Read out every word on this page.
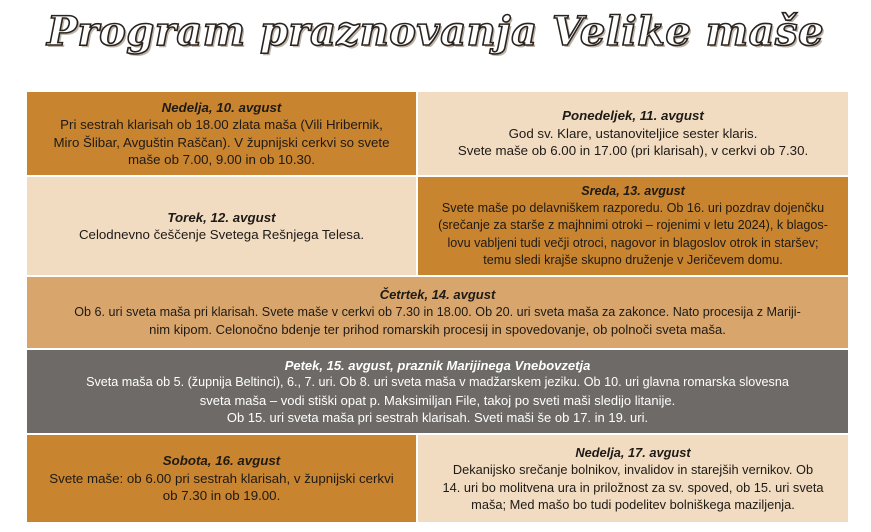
Program praznovanja Velike maše
Nedelja, 10. avgust
Pri sestrah klarisah ob 18.00 zlata maša (Vili Hribernik,
Miro Šlibar, Avguštin Raščan). V župnijski cerkvi so svete
maše ob 7.00, 9.00 in ob 10.30.
Ponedeljek, 11. avgust
God sv. Klare, ustanoviteljice sester klaris.
Svete maše ob 6.00 in 17.00 (pri klarisah), v cerkvi ob 7.30.
Torek, 12. avgust
Celodnevno češčenje Svetega Rešnjega Telesa.
Sreda, 13. avgust
Svete maše po delavniškem razporedu. Ob 16. uri pozdrav dojenčku
(srečanje za starše z majhnimi otroki – rojenimi v letu 2024), k blagos-
lovu vabljeni tudi večji otroci, nagovor in blagoslov otrok in staršev;
temu sledi krajše skupno druženje v Jeričevem domu.
Četrtek, 14. avgust
Ob 6. uri sveta maša pri klarisah. Svete maše v cerkvi ob 7.30 in 18.00. Ob 20. uri sveta maša za zakonce. Nato procesija z Mariji-
nim kipom. Celonočno bdenje ter prihod romarskih procesij in spovedovanje, ob polnoči sveta maša.
Petek, 15. avgust, praznik Marijinega Vnebovzetja
Sveta maša ob 5. (župnija Beltinci), 6., 7. uri. Ob 8. uri sveta maša v madžarskem jeziku. Ob 10. uri glavna romarska slovesna
sveta maša – vodi stiški opat p. Maksimiljan File, takoj po sveti maši sledijo litanije.
Ob 15. uri sveta maša pri sestrah klarisah. Sveti maši še ob 17. in 19. uri.
Sobota, 16. avgust
Svete maše: ob 6.00 pri sestrah klarisah, v župnijski cerkvi
ob 7.30 in ob 19.00.
Nedelja, 17. avgust
Dekanijsko srečanje bolnikov, invalidov in starejših vernikov. Ob
14. uri bo molitvena ura in priložnost za sv. spoved, ob 15. uri sveta
maša; Med mašo bo tudi podelitev bolniškega maziljenja.
